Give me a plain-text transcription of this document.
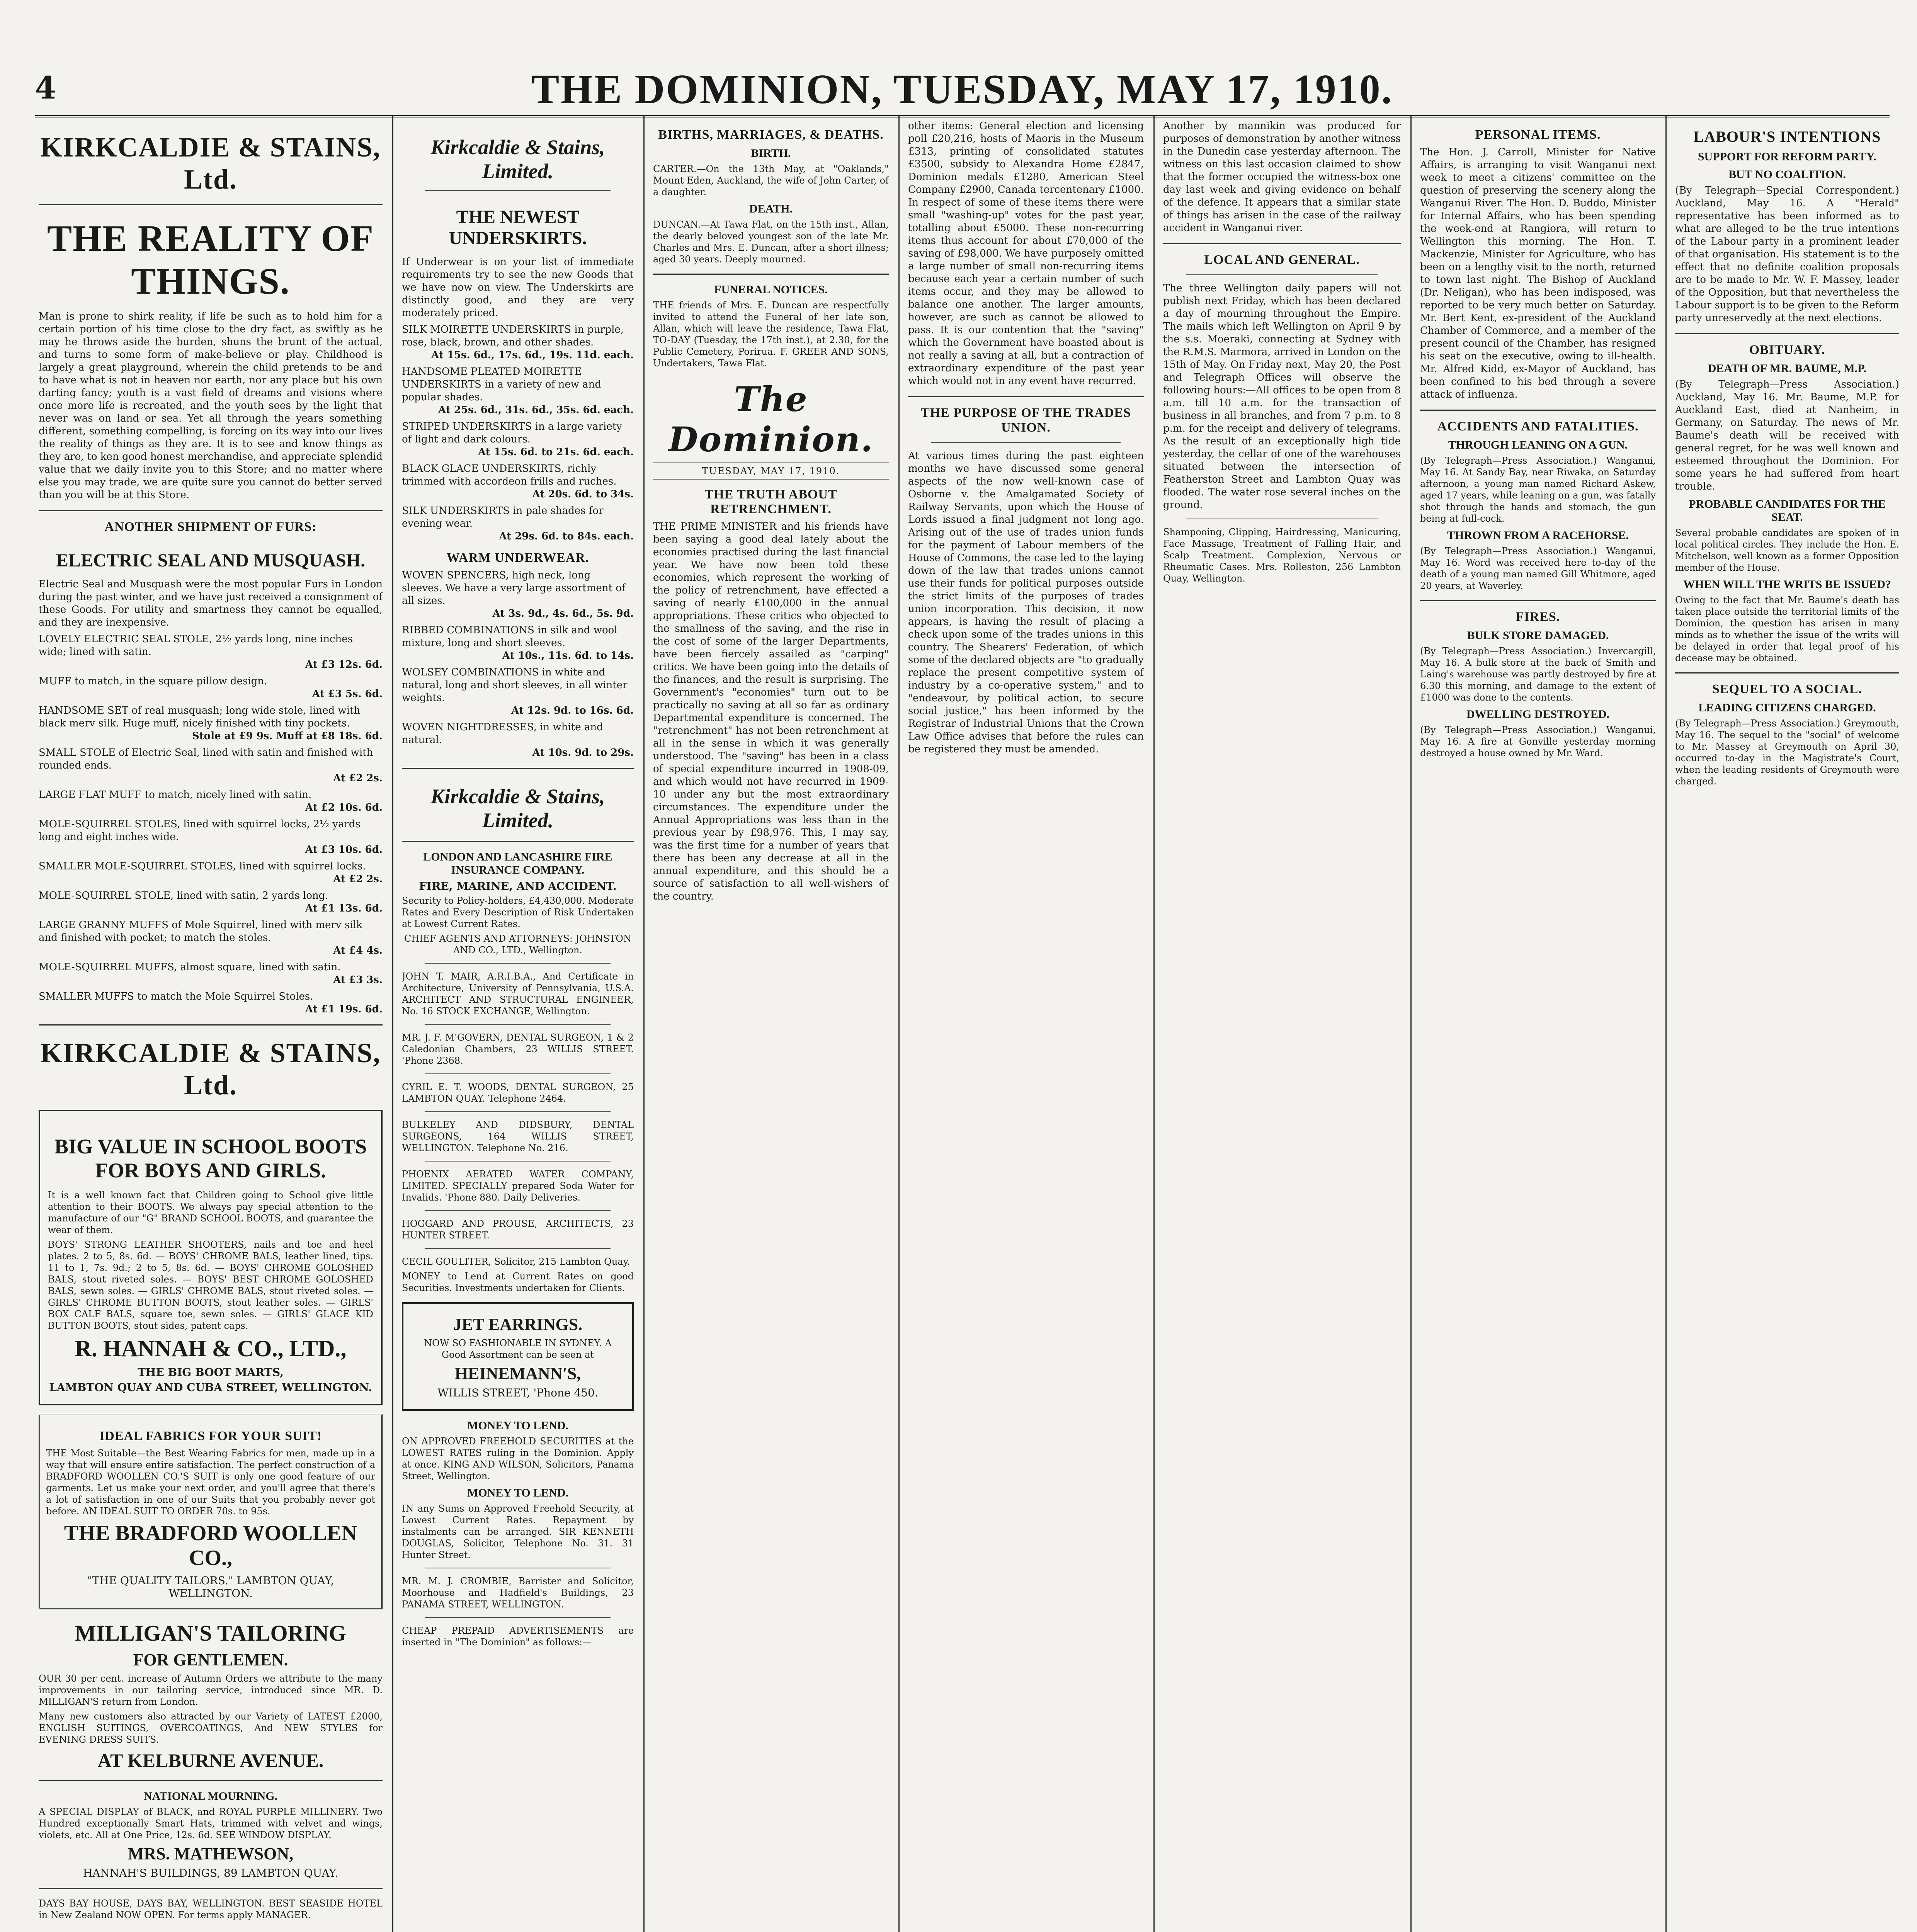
4	THE DOMINION, TUESDAY, MAY 17, 1910.
KIRKCALDIE & STAINS, Ltd.
THE REALITY OF THINGS.

Man is prone to shirk reality, if life be such as to hold him for a certain portion of his time close to the dry fact, as swiftly as he may he throws aside the burden, shuns the brunt of the actual, and turns to some form of make-believe or play. Childhood is largely a great playground, wherein the child pretends to be and to have what is not in heaven nor earth, nor any place but his own darting fancy; youth is a vast field of dreams and visions where once more life is recreated, and the youth sees by the light that never was on land or sea. Yet all through the years something different, something compelling, is forcing on its way into our lives the reality of things as they are. It is to see and know things as they are, to ken good honest merchandise, and appreciate splendid value that we daily invite you to this Store; and no matter where else you may trade, we are quite sure you cannot do better served than you will be at this Store.

ANOTHER SHIPMENT OF FURS:
ELECTRIC SEAL AND MUSQUASH.

Electric Seal and Musquash were the most popular Furs in London during the past winter, and we have just received a consignment of these Goods. For utility and smartness they cannot be equalled, and they are inexpensive.

LOVELY ELECTRIC SEAL STOLE, 2½ yards long, nine inches wide; lined with satin.
At £3 12s. 6d.
MUFF to match, in the square pillow design.
At £3 5s. 6d.
HANDSOME SET of real musquash; long wide stole, lined with black merv silk. Huge muff, nicely finished with tiny pockets.
Stole at £9 9s. Muff at £8 18s. 6d.
SMALL STOLE of Electric Seal, lined with satin and finished with rounded ends.
At £2 2s.
LARGE FLAT MUFF to match, nicely lined with satin.
At £2 10s. 6d.
MOLE-SQUIRREL STOLES, lined with squirrel locks, 2½ yards long and eight inches wide.
At £3 10s. 6d.
SMALLER MOLE-SQUIRREL STOLES, lined with squirrel locks.
At £2 2s.
MOLE-SQUIRREL STOLE, lined with satin, 2 yards long.
At £1 13s. 6d.
LARGE GRANNY MUFFS of Mole Squirrel, lined with merv silk and finished with pocket; to match the stoles.
At £4 4s.
MOLE-SQUIRREL MUFFS, almost square, lined with satin.
At £3 3s.
SMALLER MUFFS to match the Mole Squirrel Stoles.
At £1 19s. 6d.
KIRKCALDIE & STAINS, Ltd.
BIG VALUE IN SCHOOL BOOTS FOR BOYS AND GIRLS.

It is a well known fact that Children going to School give little attention to their BOOTS. We always pay special attention to the manufacture of our "G" BRAND SCHOOL BOOTS, and guarantee the wear of them.

BOYS' STRONG LEATHER SHOOTERS, nails and toe and heel plates. 2 to 5, 8s. 6d. — BOYS' CHROME BALS, leather lined, tips. 11 to 1, 7s. 9d.; 2 to 5, 8s. 6d. — BOYS' CHROME GOLOSHED BALS, stout riveted soles. — BOYS' BEST CHROME GOLOSHED BALS, sewn soles. — GIRLS' CHROME BALS, stout riveted soles. — GIRLS' CHROME BUTTON BOOTS, stout leather soles. — GIRLS' BOX CALF BALS, square toe, sewn soles. — GIRLS' GLACE KID BUTTON BOOTS, stout sides, patent caps.

R. HANNAH & CO., LTD.,
THE BIG BOOT MARTS,
LAMBTON QUAY AND CUBA STREET, WELLINGTON.
IDEAL FABRICS FOR YOUR SUIT!

THE Most Suitable—the Best Wearing Fabrics for men, made up in a way that will ensure entire satisfaction. The perfect construction of a BRADFORD WOOLLEN CO.'S SUIT is only one good feature of our garments. Let us make your next order, and you'll agree that there's a lot of satisfaction in one of our Suits that you probably never got before. AN IDEAL SUIT TO ORDER 70s. to 95s.

THE BRADFORD WOOLLEN CO.,
"THE QUALITY TAILORS." LAMBTON QUAY, WELLINGTON.
MILLIGAN'S TAILORING
FOR GENTLEMEN.

OUR 30 per cent. increase of Autumn Orders we attribute to the many improvements in our tailoring service, introduced since MR. D. MILLIGAN'S return from London.

Many new customers also attracted by our Variety of LATEST £2000, ENGLISH SUITINGS, OVERCOATINGS, And NEW STYLES for EVENING DRESS SUITS.

AT KELBURNE AVENUE.
NATIONAL MOURNING.

A SPECIAL DISPLAY of BLACK, and ROYAL PURPLE MILLINERY. Two Hundred exceptionally Smart Hats, trimmed with velvet and wings, violets, etc. All at One Price, 12s. 6d. SEE WINDOW DISPLAY.

MRS. MATHEWSON,
HANNAH'S BUILDINGS, 89 LAMBTON QUAY.

DAYS BAY HOUSE, DAYS BAY, WELLINGTON. BEST SEASIDE HOTEL in New Zealand NOW OPEN. For terms apply MANAGER.

Kirkcaldie & Stains, Limited.
THE NEWEST UNDERSKIRTS.

If Underwear is on your list of immediate requirements try to see the new Goods that we have now on view. The Underskirts are distinctly good, and they are very moderately priced.

SILK MOIRETTE UNDERSKIRTS in purple, rose, black, brown, and other shades.
At 15s. 6d., 17s. 6d., 19s. 11d. each.
HANDSOME PLEATED MOIRETTE UNDERSKIRTS in a variety of new and popular shades.
At 25s. 6d., 31s. 6d., 35s. 6d. each.
STRIPED UNDERSKIRTS in a large variety of light and dark colours.
At 15s. 6d. to 21s. 6d. each.
BLACK GLACE UNDERSKIRTS, richly trimmed with accordeon frills and ruches.
At 20s. 6d. to 34s.
SILK UNDERSKIRTS in pale shades for evening wear.
At 29s. 6d. to 84s. each.
WARM UNDERWEAR.
WOVEN SPENCERS, high neck, long sleeves. We have a very large assortment of all sizes.
At 3s. 9d., 4s. 6d., 5s. 9d.
RIBBED COMBINATIONS in silk and wool mixture, long and short sleeves.
At 10s., 11s. 6d. to 14s.
WOLSEY COMBINATIONS in white and natural, long and short sleeves, in all winter weights.
At 12s. 9d. to 16s. 6d.
WOVEN NIGHTDRESSES, in white and natural.
At 10s. 9d. to 29s.
Kirkcaldie & Stains, Limited.
LONDON AND LANCASHIRE FIRE INSURANCE COMPANY.
FIRE, MARINE, AND ACCIDENT.

Security to Policy-holders, £4,430,000. Moderate Rates and Every Description of Risk Undertaken at Lowest Current Rates.

CHIEF AGENTS AND ATTORNEYS: JOHNSTON AND CO., LTD., Wellington.

JOHN T. MAIR, A.R.I.B.A., And Certificate in Architecture, University of Pennsylvania, U.S.A. ARCHITECT AND STRUCTURAL ENGINEER, No. 16 STOCK EXCHANGE, Wellington.

MR. J. F. M'GOVERN, DENTAL SURGEON, 1 & 2 Caledonian Chambers, 23 WILLIS STREET. 'Phone 2368.

CYRIL E. T. WOODS, DENTAL SURGEON, 25 LAMBTON QUAY. Telephone 2464.

BULKELEY AND DIDSBURY, DENTAL SURGEONS, 164 WILLIS STREET, WELLINGTON. Telephone No. 216.

PHOENIX AERATED WATER COMPANY, LIMITED. SPECIALLY prepared Soda Water for Invalids. 'Phone 880. Daily Deliveries.

HOGGARD AND PROUSE, ARCHITECTS, 23 HUNTER STREET.

CECIL GOULITER, Solicitor, 215 Lambton Quay.

MONEY to Lend at Current Rates on good Securities. Investments undertaken for Clients.

JET EARRINGS.

NOW SO FASHIONABLE IN SYDNEY. A Good Assortment can be seen at

HEINEMANN'S,
WILLIS STREET, 'Phone 450.
MONEY TO LEND.

ON APPROVED FREEHOLD SECURITIES at the LOWEST RATES ruling in the Dominion. Apply at once. KING AND WILSON, Solicitors, Panama Street, Wellington.

MONEY TO LEND.

IN any Sums on Approved Freehold Security, at Lowest Current Rates. Repayment by instalments can be arranged. SIR KENNETH DOUGLAS, Solicitor, Telephone No. 31. 31 Hunter Street.

MR. M. J. CROMBIE, Barrister and Solicitor, Moorhouse and Hadfield's Buildings, 23 PANAMA STREET, WELLINGTON.

CHEAP PREPAID ADVERTISEMENTS are inserted in "The Dominion" as follows:—

BIRTHS, MARRIAGES, & DEATHS.
BIRTH.

CARTER.—On the 13th May, at "Oaklands," Mount Eden, Auckland, the wife of John Carter, of a daughter.

DEATH.

DUNCAN.—At Tawa Flat, on the 15th inst., Allan, the dearly beloved youngest son of the late Mr. Charles and Mrs. E. Duncan, after a short illness; aged 30 years. Deeply mourned.

FUNERAL NOTICES.

THE friends of Mrs. E. Duncan are respectfully invited to attend the Funeral of her late son, Allan, which will leave the residence, Tawa Flat, TO-DAY (Tuesday, the 17th inst.), at 2.30, for the Public Cemetery, Porirua. F. GREER AND SONS, Undertakers, Tawa Flat.

The Dominion.
TUESDAY, MAY 17, 1910.
THE TRUTH ABOUT RETRENCHMENT.

THE PRIME MINISTER and his friends have been saying a good deal lately about the economies practised during the last financial year. We have now been told these economies, which represent the working of the policy of retrenchment, have effected a saving of nearly £100,000 in the annual appropriations. These critics who objected to the smallness of the saving, and the rise in the cost of some of the larger Departments, have been fiercely assailed as "carping" critics. We have been going into the details of the finances, and the result is surprising. The Government's "economies" turn out to be practically no saving at all so far as ordinary Departmental expenditure is concerned. The "retrenchment" has not been retrenchment at all in the sense in which it was generally understood. The "saving" has been in a class of special expenditure incurred in 1908-09, and which would not have recurred in 1909-10 under any but the most extraordinary circumstances. The expenditure under the Annual Appropriations was less than in the previous year by £98,976. This, I may say, was the first time for a number of years that there has been any decrease at all in the annual expenditure, and this should be a source of satisfaction to all well-wishers of the country.

other items: General election and licensing poll £20,216, hosts of Maoris in the Museum £313, printing of consolidated statutes £3500, subsidy to Alexandra Home £2847, Dominion medals £1280, American Steel Company £2900, Canada tercentenary £1000. In respect of some of these items there were small "washing-up" votes for the past year, totalling about £5000. These non-recurring items thus account for about £70,000 of the saving of £98,000. We have purposely omitted a large number of small non-recurring items because each year a certain number of such items occur, and they may be allowed to balance one another. The larger amounts, however, are such as cannot be allowed to pass. It is our contention that the "saving" which the Government have boasted about is not really a saving at all, but a contraction of extraordinary expenditure of the past year which would not in any event have recurred.

THE PURPOSE OF THE TRADES UNION.

At various times during the past eighteen months we have discussed some general aspects of the now well-known case of Osborne v. the Amalgamated Society of Railway Servants, upon which the House of Lords issued a final judgment not long ago. Arising out of the use of trades union funds for the payment of Labour members of the House of Commons, the case led to the laying down of the law that trades unions cannot use their funds for political purposes outside the strict limits of the purposes of trades union incorporation. This decision, it now appears, is having the result of placing a check upon some of the trades unions in this country. The Shearers' Federation, of which some of the declared objects are "to gradually replace the present competitive system of industry by a co-operative system," and to "endeavour, by political action, to secure social justice," has been informed by the Registrar of Industrial Unions that the Crown Law Office advises that before the rules can be registered they must be amended.

Another by mannikin was produced for purposes of demonstration by another witness in the Dunedin case yesterday afternoon. The witness on this last occasion claimed to show that the former occupied the witness-box one day last week and giving evidence on behalf of the defence. It appears that a similar state of things has arisen in the case of the railway accident in Wanganui river.

LOCAL AND GENERAL.

The three Wellington daily papers will not publish next Friday, which has been declared a day of mourning throughout the Empire. The mails which left Wellington on April 9 by the s.s. Moeraki, connecting at Sydney with the R.M.S. Marmora, arrived in London on the 15th of May. On Friday next, May 20, the Post and Telegraph Offices will observe the following hours:—All offices to be open from 8 a.m. till 10 a.m. for the transaction of business in all branches, and from 7 p.m. to 8 p.m. for the receipt and delivery of telegrams. As the result of an exceptionally high tide yesterday, the cellar of one of the warehouses situated between the intersection of Featherston Street and Lambton Quay was flooded. The water rose several inches on the ground.

Shampooing, Clipping, Hairdressing, Manicuring, Face Massage, Treatment of Falling Hair, and Scalp Treatment. Complexion, Nervous or Rheumatic Cases. Mrs. Rolleston, 256 Lambton Quay, Wellington.

PERSONAL ITEMS.

The Hon. J. Carroll, Minister for Native Affairs, is arranging to visit Wanganui next week to meet a citizens' committee on the question of preserving the scenery along the Wanganui River. The Hon. D. Buddo, Minister for Internal Affairs, who has been spending the week-end at Rangiora, will return to Wellington this morning. The Hon. T. Mackenzie, Minister for Agriculture, who has been on a lengthy visit to the north, returned to town last night. The Bishop of Auckland (Dr. Neligan), who has been indisposed, was reported to be very much better on Saturday. Mr. Bert Kent, ex-president of the Auckland Chamber of Commerce, and a member of the present council of the Chamber, has resigned his seat on the executive, owing to ill-health. Mr. Alfred Kidd, ex-Mayor of Auckland, has been confined to his bed through a severe attack of influenza.

ACCIDENTS AND FATALITIES.
THROUGH LEANING ON A GUN.

(By Telegraph—Press Association.) Wanganui, May 16. At Sandy Bay, near Riwaka, on Saturday afternoon, a young man named Richard Askew, aged 17 years, while leaning on a gun, was fatally shot through the hands and stomach, the gun being at full-cock.

THROWN FROM A RACEHORSE.

(By Telegraph—Press Association.) Wanganui, May 16. Word was received here to-day of the death of a young man named Gill Whitmore, aged 20 years, at Waverley.

FIRES.
BULK STORE DAMAGED.

(By Telegraph—Press Association.) Invercargill, May 16. A bulk store at the back of Smith and Laing's warehouse was partly destroyed by fire at 6.30 this morning, and damage to the extent of £1000 was done to the contents.

DWELLING DESTROYED.

(By Telegraph—Press Association.) Wanganui, May 16. A fire at Gonville yesterday morning destroyed a house owned by Mr. Ward.

LABOUR'S INTENTIONS
SUPPORT FOR REFORM PARTY.
BUT NO COALITION.

(By Telegraph—Special Correspondent.) Auckland, May 16. A "Herald" representative has been informed as to what are alleged to be the true intentions of the Labour party in a prominent leader of that organisation. His statement is to the effect that no definite coalition proposals are to be made to Mr. W. F. Massey, leader of the Opposition, but that nevertheless the Labour support is to be given to the Reform party unreservedly at the next elections.

OBITUARY.
DEATH OF MR. BAUME, M.P.

(By Telegraph—Press Association.) Auckland, May 16. Mr. Baume, M.P. for Auckland East, died at Nanheim, in Germany, on Saturday. The news of Mr. Baume's death will be received with general regret, for he was well known and esteemed throughout the Dominion. For some years he had suffered from heart trouble.

PROBABLE CANDIDATES FOR THE SEAT.

Several probable candidates are spoken of in local political circles. They include the Hon. E. Mitchelson, well known as a former Opposition member of the House.

WHEN WILL THE WRITS BE ISSUED?

Owing to the fact that Mr. Baume's death has taken place outside the territorial limits of the Dominion, the question has arisen in many minds as to whether the issue of the writs will be delayed in order that legal proof of his decease may be obtained.

SEQUEL TO A SOCIAL.
LEADING CITIZENS CHARGED.

(By Telegraph—Press Association.) Greymouth, May 16. The sequel to the "social" of welcome to Mr. Massey at Greymouth on April 30, occurred to-day in the Magistrate's Court, when the leading residents of Greymouth were charged.
